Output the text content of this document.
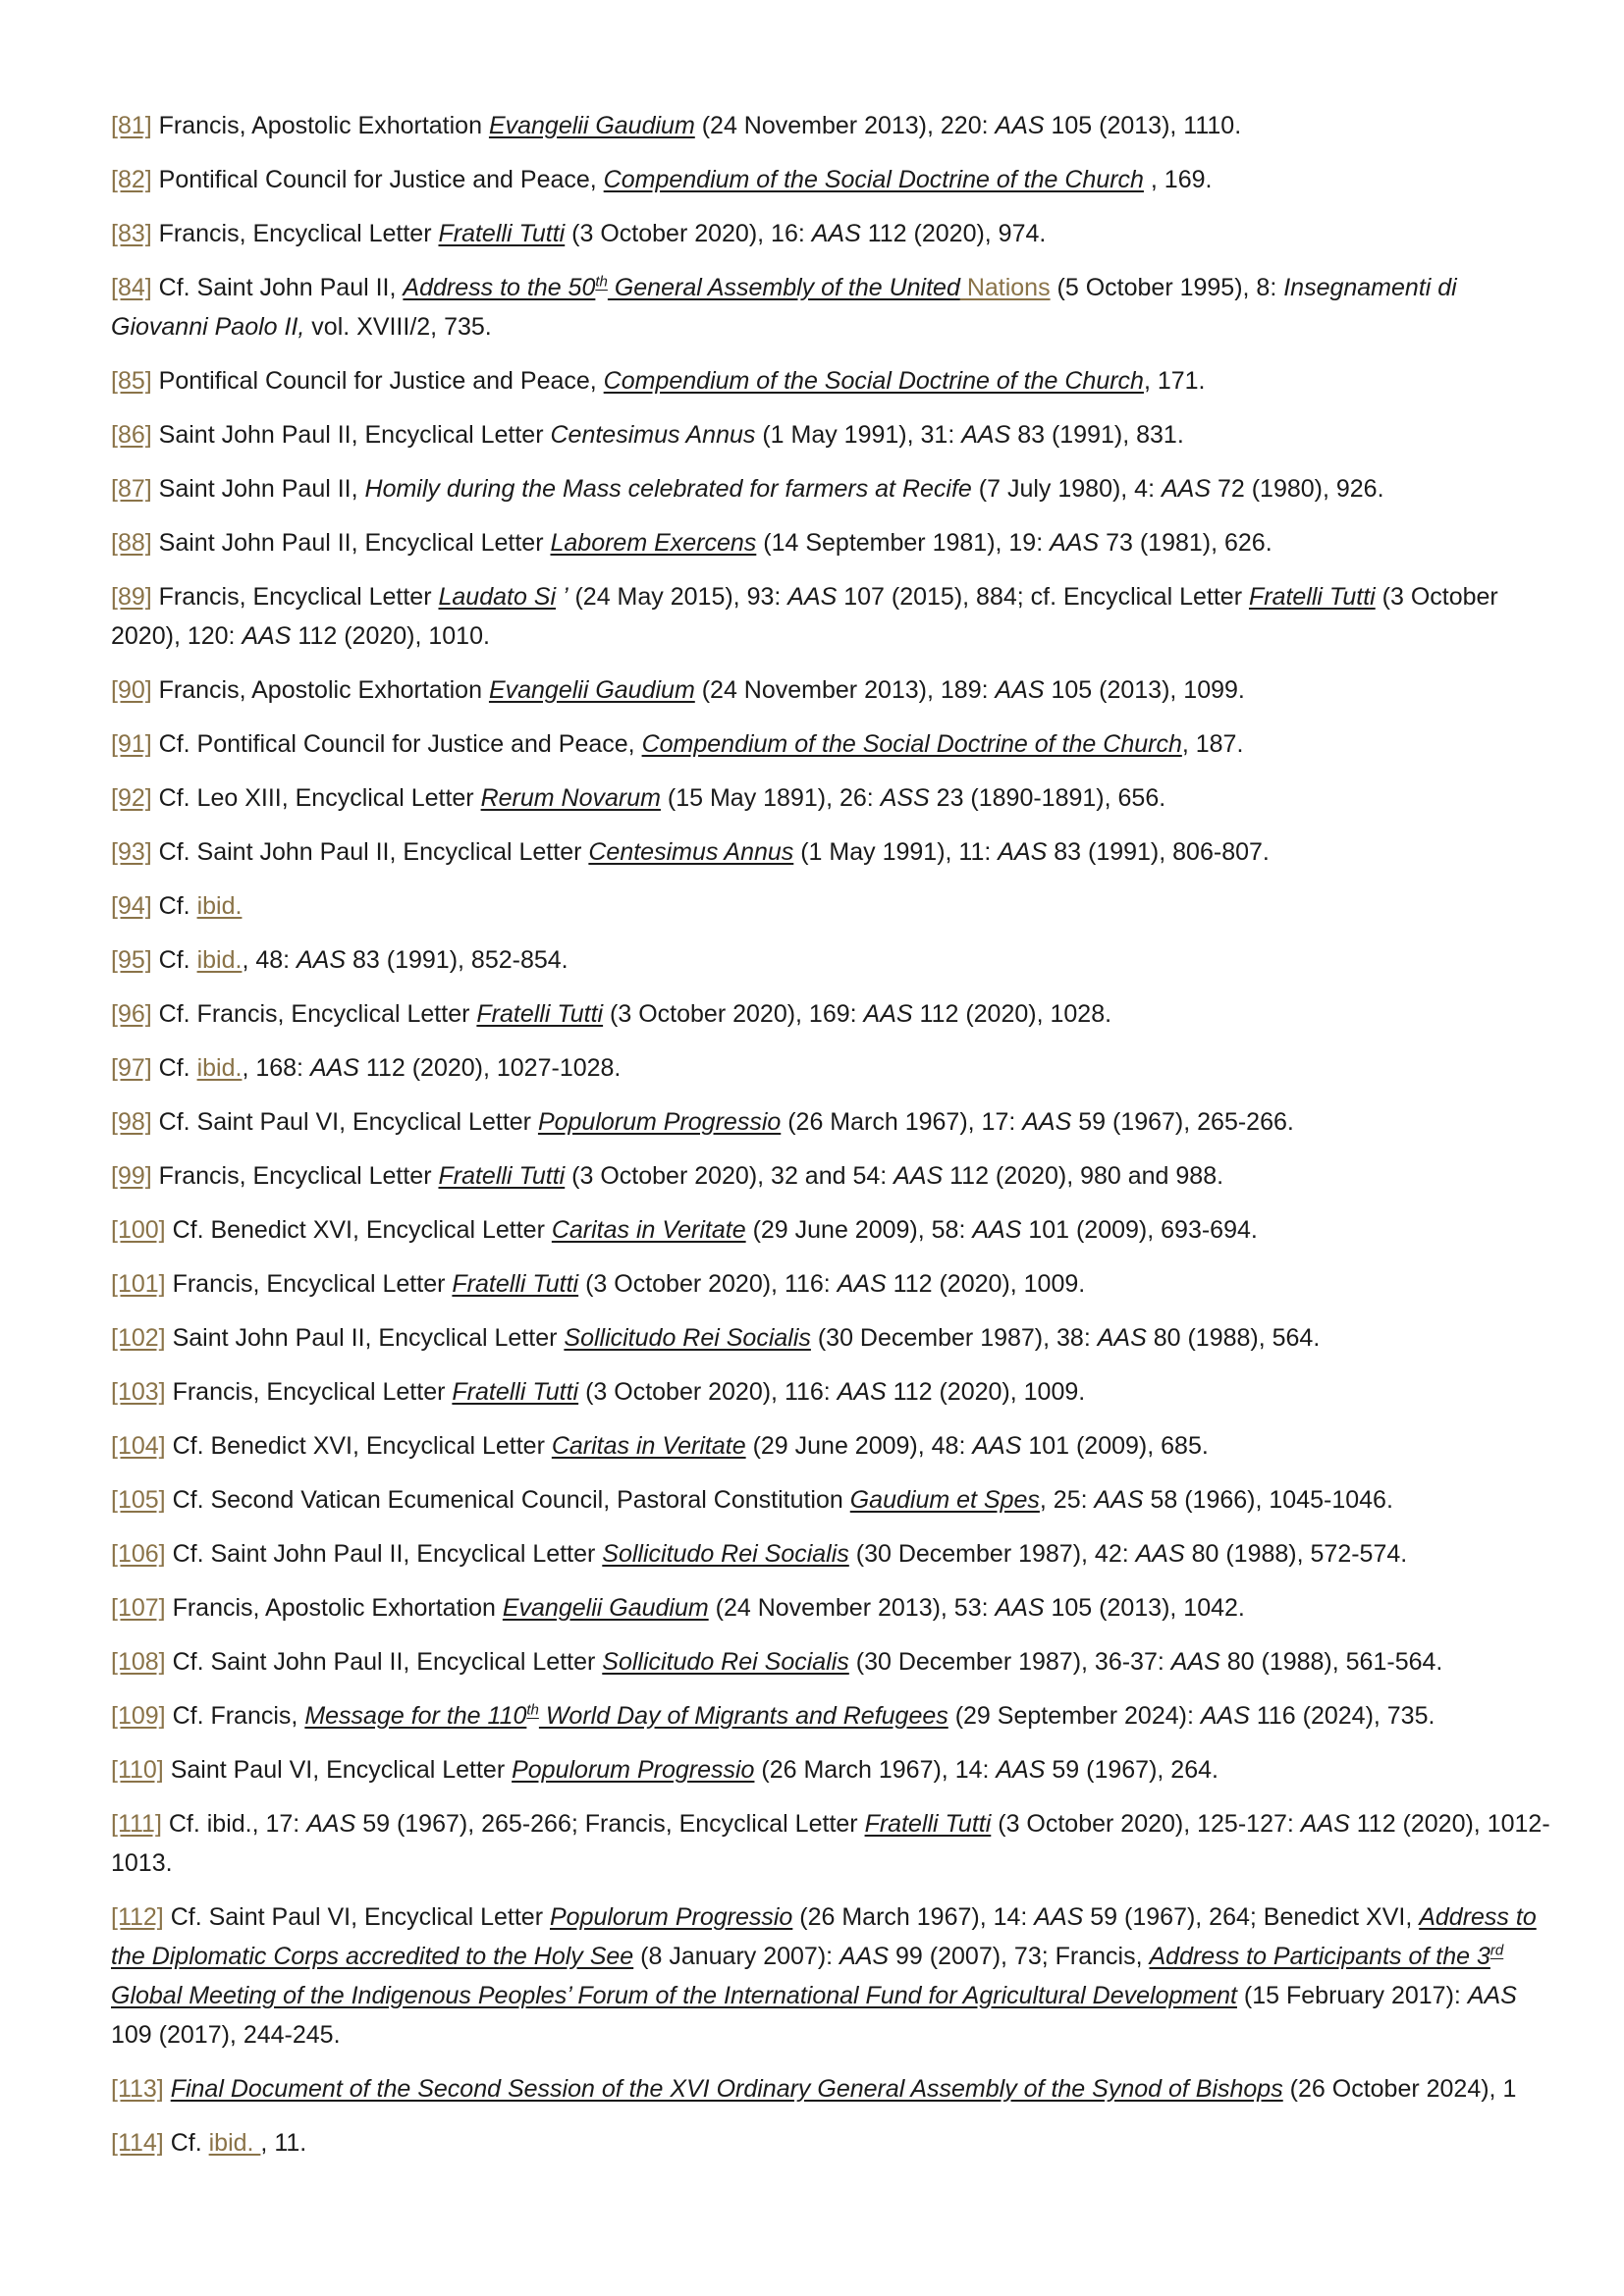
[81] Francis, Apostolic Exhortation Evangelii Gaudium (24 November 2013), 220: AAS 105 (2013), 1110.

[82] Pontifical Council for Justice and Peace, Compendium of the Social Doctrine of the Church , 169.

[83] Francis, Encyclical Letter Fratelli Tutti (3 October 2020), 16: AAS 112 (2020), 974.

[84] Cf. Saint John Paul II, Address to the 50th General Assembly of the United Nations (5 October 1995), 8: Insegnamenti di Giovanni Paolo II, vol. XVIII/2, 735.

[85] Pontifical Council for Justice and Peace, Compendium of the Social Doctrine of the Church, 171.

[86] Saint John Paul II, Encyclical Letter Centesimus Annus (1 May 1991), 31: AAS 83 (1991), 831.

[87] Saint John Paul II, Homily during the Mass celebrated for farmers at Recife (7 July 1980), 4: AAS 72 (1980), 926.

[88] Saint John Paul II, Encyclical Letter Laborem Exercens (14 September 1981), 19: AAS 73 (1981), 626.

[89] Francis, Encyclical Letter Laudato Si ’ (24 May 2015), 93: AAS 107 (2015), 884; cf. Encyclical Letter Fratelli Tutti (3 October 2020), 120: AAS 112 (2020), 1010.

[90] Francis, Apostolic Exhortation Evangelii Gaudium (24 November 2013), 189: AAS 105 (2013), 1099.

[91] Cf. Pontifical Council for Justice and Peace, Compendium of the Social Doctrine of the Church, 187.

[92] Cf. Leo XIII, Encyclical Letter Rerum Novarum (15 May 1891), 26: ASS 23 (1890-1891), 656.

[93] Cf. Saint John Paul II, Encyclical Letter Centesimus Annus (1 May 1991), 11: AAS 83 (1991), 806-807.

[94] Cf. ibid.

[95] Cf. ibid., 48: AAS 83 (1991), 852-854.

[96] Cf. Francis, Encyclical Letter Fratelli Tutti (3 October 2020), 169: AAS 112 (2020), 1028.

[97] Cf. ibid., 168: AAS 112 (2020), 1027-1028.

[98] Cf. Saint Paul VI, Encyclical Letter Populorum Progressio (26 March 1967), 17: AAS 59 (1967), 265-266.

[99] Francis, Encyclical Letter Fratelli Tutti (3 October 2020), 32 and 54: AAS 112 (2020), 980 and 988.

[100] Cf. Benedict XVI, Encyclical Letter Caritas in Veritate (29 June 2009), 58: AAS 101 (2009), 693-694.

[101] Francis, Encyclical Letter Fratelli Tutti (3 October 2020), 116: AAS 112 (2020), 1009.

[102] Saint John Paul II, Encyclical Letter Sollicitudo Rei Socialis (30 December 1987), 38: AAS 80 (1988), 564.

[103] Francis, Encyclical Letter Fratelli Tutti (3 October 2020), 116: AAS 112 (2020), 1009.

[104] Cf. Benedict XVI, Encyclical Letter Caritas in Veritate (29 June 2009), 48: AAS 101 (2009), 685.

[105] Cf. Second Vatican Ecumenical Council, Pastoral Constitution Gaudium et Spes, 25: AAS 58 (1966), 1045-1046.

[106] Cf. Saint John Paul II, Encyclical Letter Sollicitudo Rei Socialis (30 December 1987), 42: AAS 80 (1988), 572-574.

[107] Francis, Apostolic Exhortation Evangelii Gaudium (24 November 2013), 53: AAS 105 (2013), 1042.

[108] Cf. Saint John Paul II, Encyclical Letter Sollicitudo Rei Socialis (30 December 1987), 36-37: AAS 80 (1988), 561-564.

[109] Cf. Francis, Message for the 110th World Day of Migrants and Refugees (29 September 2024): AAS 116 (2024), 735.

[110] Saint Paul VI, Encyclical Letter Populorum Progressio (26 March 1967), 14: AAS 59 (1967), 264.

[111] Cf. ibid., 17: AAS 59 (1967), 265-266; Francis, Encyclical Letter Fratelli Tutti (3 October 2020), 125-127: AAS 112 (2020), 1012-1013.

[112] Cf. Saint Paul VI, Encyclical Letter Populorum Progressio (26 March 1967), 14: AAS 59 (1967), 264; Benedict XVI, Address to the Diplomatic Corps accredited to the Holy See (8 January 2007): AAS 99 (2007), 73; Francis, Address to Participants of the 3rd Global Meeting of the Indigenous Peoples’ Forum of the International Fund for Agricultural Development (15 February 2017): AAS 109 (2017), 244-245.

[113] Final Document of the Second Session of the XVI Ordinary General Assembly of the Synod of Bishops (26 October 2024), 1

[114] Cf. ibid. , 11.
